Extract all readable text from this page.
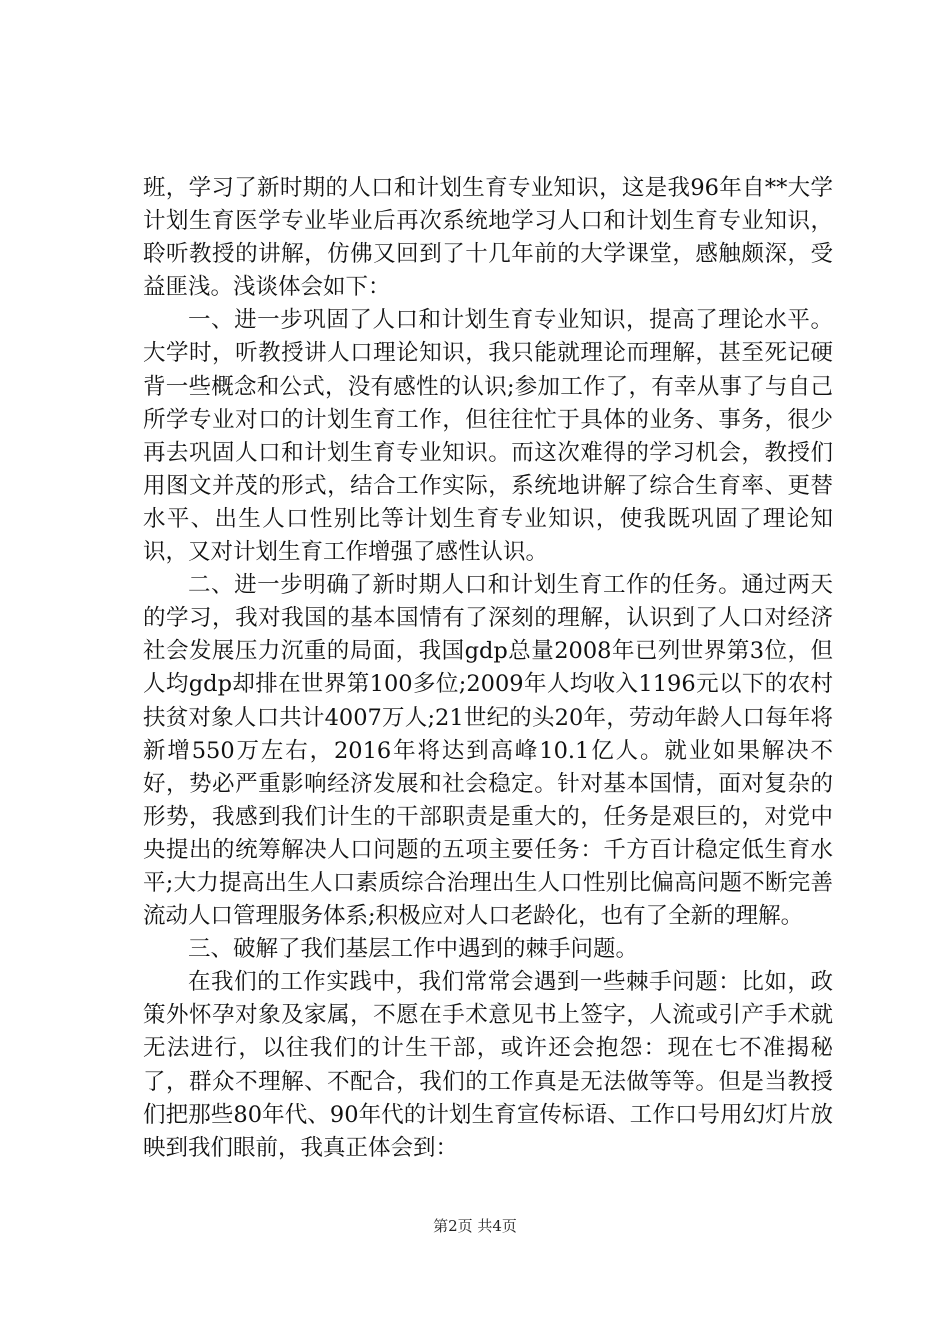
班，学习了新时期的人口和计划生育专业知识，这是我96年自**大学计划生育医学专业毕业后再次系统地学习人口和计划生育专业知识，聆听教授的讲解，仿佛又回到了十几年前的大学课堂，感触颇深，受益匪浅。浅谈体会如下：

一、进一步巩固了人口和计划生育专业知识，提高了理论水平。大学时，听教授讲人口理论知识，我只能就理论而理解，甚至死记硬背一些概念和公式，没有感性的认识;参加工作了，有幸从事了与自己所学专业对口的计划生育工作，但往往忙于具体的业务、事务，很少再去巩固人口和计划生育专业知识。而这次难得的学习机会，教授们用图文并茂的形式，结合工作实际，系统地讲解了综合生育率、更替水平、出生人口性别比等计划生育专业知识，使我既巩固了理论知识，又对计划生育工作增强了感性认识。

二、进一步明确了新时期人口和计划生育工作的任务。通过两天的学习，我对我国的基本国情有了深刻的理解，认识到了人口对经济社会发展压力沉重的局面，我国gdp总量2008年已列世界第3位，但人均gdp却排在世界第100多位;2009年人均收入1196元以下的农村扶贫对象人口共计4007万人;21世纪的头20年，劳动年龄人口每年将新增550万左右，2016年将达到高峰10.1亿人。就业如果解决不好，势必严重影响经济发展和社会稳定。针对基本国情，面对复杂的形势，我感到我们计生的干部职责是重大的，任务是艰巨的，对党中央提出的统筹解决人口问题的五项主要任务：千方百计稳定低生育水平;大力提高出生人口素质综合治理出生人口性别比偏高问题不断完善流动人口管理服务体系;积极应对人口老龄化，也有了全新的理解。

三、破解了我们基层工作中遇到的棘手问题。

在我们的工作实践中，我们常常会遇到一些棘手问题：比如，政策外怀孕对象及家属，不愿在手术意见书上签字，人流或引产手术就无法进行，以往我们的计生干部，或许还会抱怨：现在七不准揭秘了，群众不理解、不配合，我们的工作真是无法做等等。但是当教授们把那些80年代、90年代的计划生育宣传标语、工作口号用幻灯片放映到我们眼前，我真正体会到：

第2页 共4页
